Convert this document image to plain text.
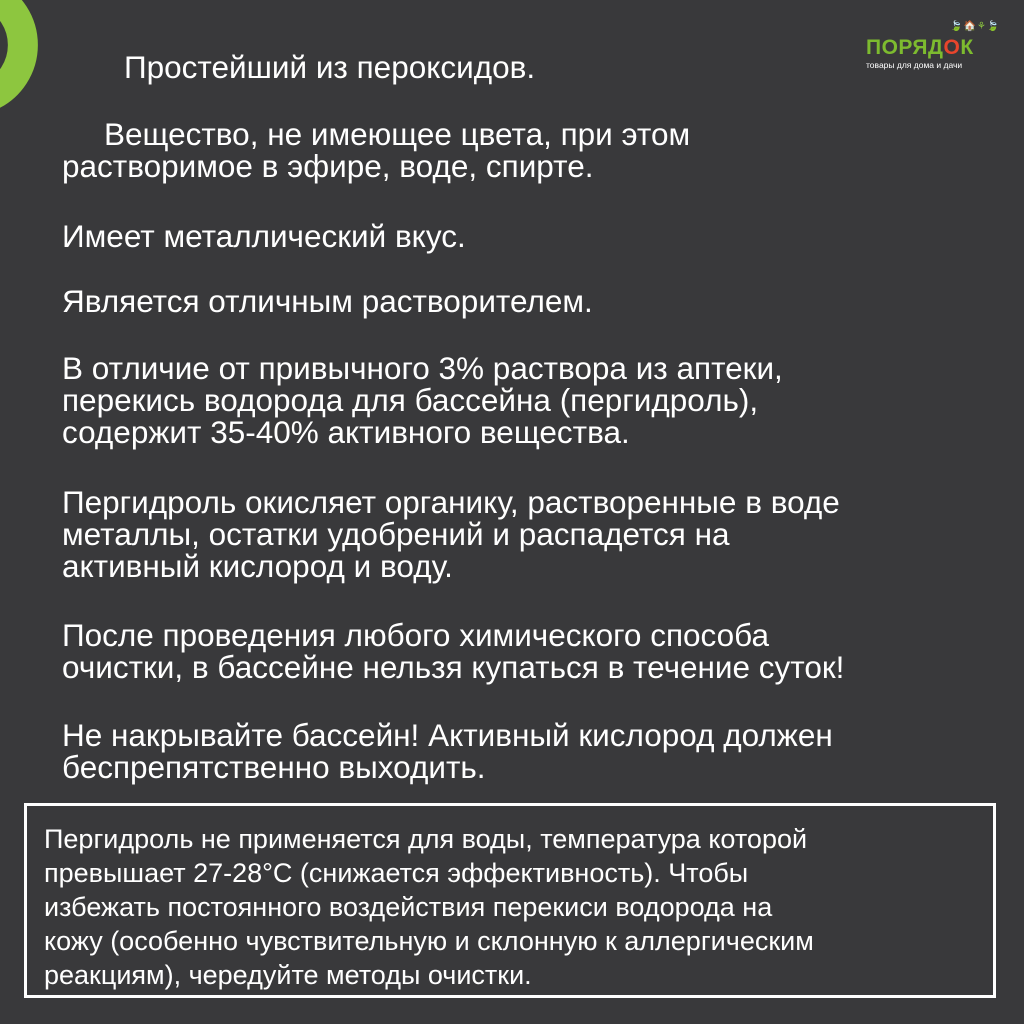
🍃🏠⚘🍃
ПОРЯДОК
товары для дома и дачи

Простейший из пероксидов.

Вещество, не имеющее цвета, при этом
растворимое в эфире, воде, спирте.

Имеет металлический вкус.

Является отличным растворителем.

В отличие от привычного 3% раствора из аптеки,
перекись водорода для бассейна (пергидроль),
содержит 35-40% активного вещества.

Пергидроль окисляет органику, растворенные в воде
металлы, остатки удобрений и распадется на
активный кислород и воду.

После проведения любого химического способа
очистки, в бассейне нельзя купаться в течение суток!

Не накрывайте бассейн! Активный кислород должен
беспрепятственно выходить.

Пергидроль не применяется для воды, температура которой
превышает 27-28°С (снижается эффективность). Чтобы
избежать постоянного воздействия перекиси водорода на
кожу (особенно чувствительную и склонную к аллергическим
реакциям), чередуйте методы очистки.
